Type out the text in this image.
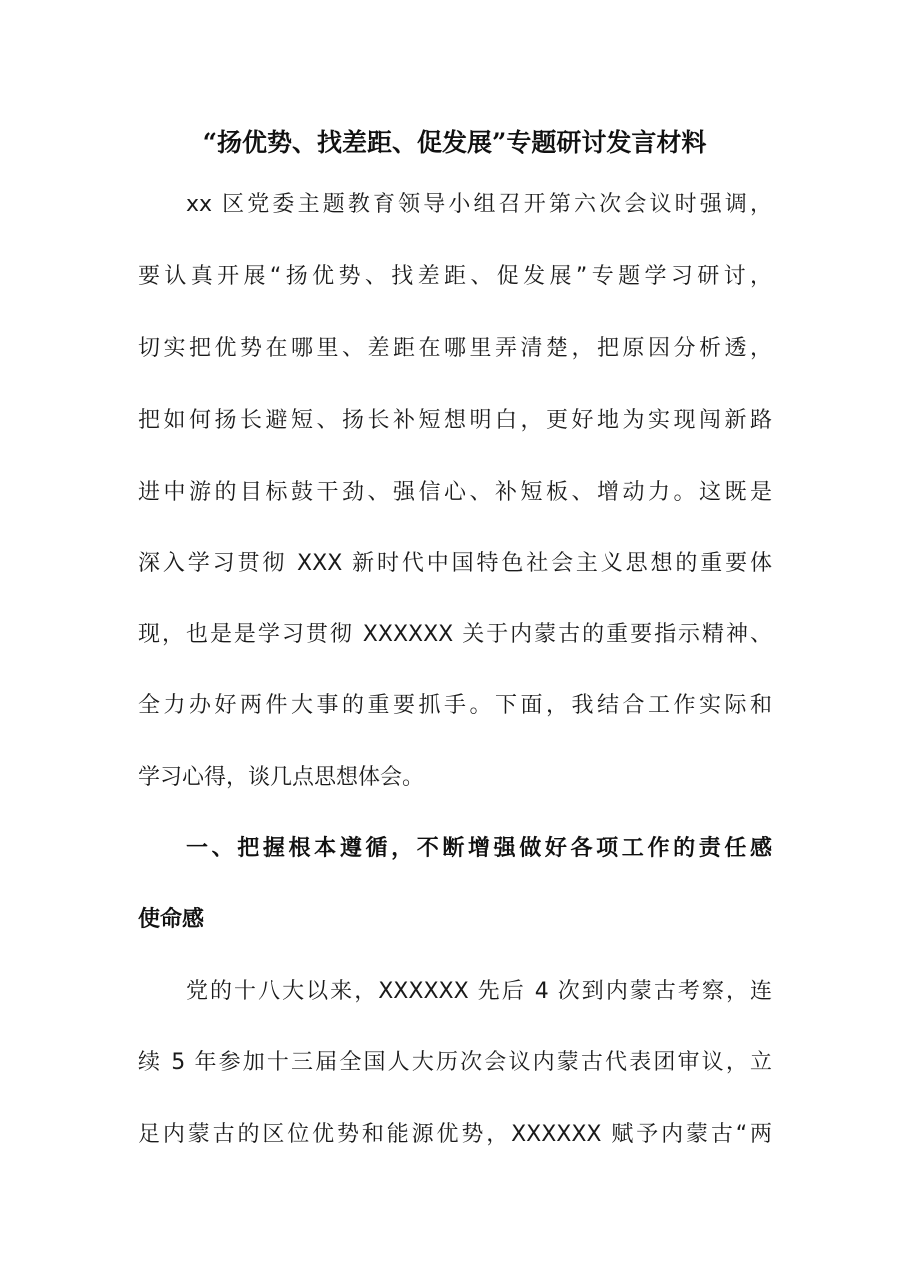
“扬优势、找差距、促发展”专题研讨发言材料
xx 区党委主题教育领导小组召开第六次会议时强调，
要认真开展“扬优势、找差距、促发展”专题学习研讨，
切实把优势在哪里、差距在哪里弄清楚，把原因分析透，
把如何扬长避短、扬长补短想明白，更好地为实现闯新路
进中游的目标鼓干劲、强信心、补短板、增动力。这既是
深入学习贯彻 XXX 新时代中国特色社会主义思想的重要体
现，也是是学习贯彻 XXXXXX 关于内蒙古的重要指示精神、
全力办好两件大事的重要抓手。下面，我结合工作实际和
学习心得，谈几点思想体会。
一、把握根本遵循，不断增强做好各项工作的责任感
使命感
党的十八大以来，XXXXXX 先后 4 次到内蒙古考察，连
续 5 年参加十三届全国人大历次会议内蒙古代表团审议，立
足内蒙古的区位优势和能源优势，XXXXXX 赋予内蒙古“两
